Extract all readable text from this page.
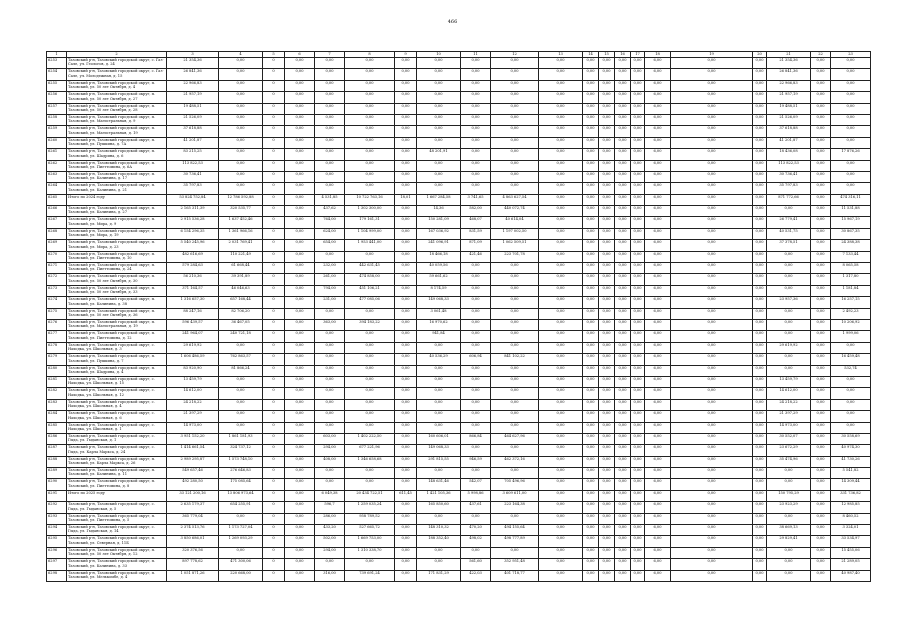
466
1	2	3	4	5	6	7	8	9	10	11	12	13	14	15	16	17	18	19	20	21	22	23
6253	Тазовский р-н, Тазовский городской округ, с. Газ-Сале, ул. Геологов, д. 24	21 354,36	0,00	0	0,00	0,00	0,00	0,00	0,00	0,00	0,00	0,00	0,00	0,00	0,00	0,00	6,00	0,00	0,00	21 354,36	0,00	0,00
6254	Тазовский р-н, Тазовский городской округ, с. Газ-Сале, ул. Молодежная, д. 15	26 841,36	0,00	0	0,00	0,00	0,00	0,00	0,00	0,00	0,00	0,00	0,00	0,00	0,00	0,00	6,00	0,00	0,00	26 841,36	0,00	0,00
6255	Тазовский р-н, Тазовский городской округ, п. Тазовский, ул. 50 лет Октября, д. 4	22 966,83	0,00	0	0,00	0,00	0,00	0,00	0,00	0,00	0,00	0,00	0,00	0,00	0,00	0,00	6,00	0,00	0,00	22 966,83	0,00	0,00
6256	Тазовский р-н, Тазовский городской округ, п. Тазовский, ул. 50 лет Октября, д. 27	21 957,19	0,00	0	0,00	0,00	0,00	0,00	0,00	0,00	0,00	0,00	0,00	0,00	0,00	0,00	6,00	0,00	0,00	21 957,19	0,00	0,00
6257	Тазовский р-н, Тазовский городской округ, п. Тазовский, ул. 50 лет Октября, д. 28	19 488,51	0,00	0	0,00	0,00	0,00	0,00	0,00	0,00	0,00	0,00	0,00	0,00	0,00	0,00	6,00	0,00	0,00	19 488,51	0,00	0,00
6258	Тазовский р-н, Тазовский городской округ, п. Тазовский, ул. Магистральная, д. 9	21 526,09	0,00	0	0,00	0,00	0,00	0,00	0,00	0,00	0,00	0,00	0,00	0,00	0,00	0,00	6,00	0,00	0,00	21 526,09	0,00	0,00
6259	Тазовский р-н, Тазовский городской округ, п. Тазовский, ул. Магистральная, д. 19	37 618,88	0,00	0	0,00	0,00	0,00	0,00	0,00	0,00	0,00	0,00	0,00	0,00	0,00	0,00	6,00	0,00	0,00	37 618,88	0,00	0,00
6260	Тазовский р-н, Тазовский городской округ, п. Тазовский, ул. Пушкина, д. 7А	41 201,87	0,00	0	0,00	0,00	0,00	0,00	0,00	0,00	0,00	0,00	0,00	0,00	0,00	0,00	6,00	0,00	0,00	41 201,87	0,00	0,00
6261	Тазовский р-н, Тазовский городской округ, п. Тазовский, ул. Шадрина, д. 6	83 215,25	0,00	0	0,00	0,00	0,00	0,00	48 201,91	0,00	0,00	0,00	0,00	0,00	0,00	0,00	6,00	0,00	0,00	18 436,08	0,00	17 876,26
6262	Тазовский р-н, Тазовский городской округ, п. Тазовский, ул. Пиеттомина, д. 6А	113 822,53	0,00	0	0,00	0,00	0,00	0,00	0,00	0,00	0,00	0,00	0,00	0,00	0,00	0,00	6,00	0,00	0,00	113 822,53	0,00	0,00
6263	Тазовский р-н, Тазовский городской округ, п. Тазовский, ул. Калинина, д. 17	30 736,41	0,00	0	0,00	0,00	0,00	0,00	0,00	0,00	0,00	0,00	0,00	0,00	0,00	0,00	6,00	0,00	0,00	30 736,41	0,00	0,00
6264	Тазовский р-н, Тазовский городской округ, п. Тазовский, ул. Калинина, д. 21	35 797,83	0,00	0	0,00	0,00	0,00	0,00	0,00	0,00	0,00	0,00	0,00	0,00	0,00	0,00	6,00	0,00	0,00	35 797,83	0,00	0,00
6265	Итого по 2024 году	53 824 752,84	12 786 592,88	0	0,00	4 531,85	10 722 763,16	18,01	1 667 284,58	3 741,65	4 863 627,54	0,00	0,00	0,00	0,00	0,00	6,00	0,00	0,00	871 772,66	0,00	474 316,11
6266	Тазовский р-н, Тазовский городской округ, п. Тазовский, ул. Калинина, д. 27	2 165 311,39	320 535,77	0	0,00	437,62	1 302 300,00	0,00	14,36	582,00	440 072,74	0,00	0,00	0,00	0,00	0,00	6,00	0,00	0,00	0,00	0,00	11 531,88
6267	Тазовский р-н, Тазовский городской округ, п. Тазовский, ул. Мира, д. 9	2 915 536,28	1 637 452,46	0	0,00	764,00	179 161,31	0,00	150 281,09	468,07	40 614,04	0,00	0,00	0,00	0,00	0,00	6,00	0,00	0,00	26 779,41	0,00	15 967,19
6268	Тазовский р-н, Тазовский городской округ, п. Тазовский, ул. Мира, д. 19	6 154 296,35	1 361 966,16	0	0,00	624,00	1 104 999,00	0,00	167 036,92	831,59	1 197 002,50	0,00	0,00	0,00	0,00	0,00	6,00	0,00	0,00	40 531,75	0,00	30 867,35
6269	Тазовский р-н, Тазовский городской округ, п. Тазовский, ул. Мира, д. 23	5 540 245,96	2 031 769,41	0	0,00	654,00	1 953 441,00	0,00	241 096,91	871,09	1 062 509,51	0,00	0,00	0,00	0,00	0,00	6,00	0,00	0,00	37 378,51	0,00	24 388,38
6270	Тазовский р-н, Тазовский городской округ, п. Тазовский, ул. Пиеттомина, д. 10	482 616,69	110 221,49	0	0,00	0,00	0,00	0,00	18 466,18	421,46	223 701,78	0,00	0,00	0,00	0,00	0,00	6,00	0,00	0,00	0,00	0,00	7 133,44
6271	Тазовский р-н, Тазовский городской округ, п. Тазовский, ул. Пиеттомина, д. 24	579 284,63	61 668,44	0	0,00	232,00	442 631,45	0,00	40 059,56	0,00	0,00	0,00	0,00	0,00	0,00	0,00	6,00	0,00	0,00	0,00	0,00	8 065,58
6272	Тазовский р-н, Тазовский городской округ, п. Тазовский, ул. 50 лет Октября, д. 30	56 210,36	39 391,89	0	0,00	261,00	474 858,00	0,00	59 661,62	0,00	0,00	0,00	0,00	0,00	0,00	0,00	6,00	0,00	0,00	0,00	0,00	1 317,80
6273	Тазовский р-н, Тазовский городской округ, п. Тазовский, ул. 50 лет Октября, д. 33	371 164,57	46 046,63	0	0,00	794,00	451 106,21	0,00	8 174,59	0,00	0,00	0,00	0,00	0,00	0,00	0,00	6,00	0,00	0,00	0,00	0,00	1 181,84
6274	Тазовский р-н, Тазовский городской округ, п. Тазовский, ул. Калинина, д. 38	1 316 657,30	657 168,44	0	0,00	231,00	477 085,06	0,00	149 068,33	0,00	0,00	0,00	0,00	0,00	0,00	0,00	6,00	0,00	0,00	23 957,36	0,00	16 257,15
6275	Тазовский р-н, Тазовский городской округ, п. Тазовский, ул. 50 лет Октября, д. 36	88 247,16	82 706,20	0	0,00	0,00	0,00	0,00	3 061,48	0,00	0,00	0,00	0,00	0,00	0,00	0,00	6,00	0,00	0,00	0,00	0,00	2 492,23
6276	Тазовский р-н, Тазовский городской округ, п. Тазовский, ул. Магистральная, д. 19	596 439,57	36 467,05	0	0,00	363,00	394 183,22	0,00	16 970,62	0,00	0,00	0,00	0,00	0,00	0,00	0,00	6,00	0,00	0,00	0,00	0,00	10 206,92
6277	Тазовский р-н, Тазовский городской округ, п. Тазовский, ул. Пиеттомина, д. 12	241 964,07	240 721,18	0	0,00	0,00	0,00	0,00	941,84	0,00	0,00	0,00	0,00	0,00	0,00	0,00	6,00	0,00	0,00	0,00	0,00	1 999,06
6278	Тазовский р-н, Тазовский городской округ, с. Находка, ул. Школьная, д. 3	29 619,92	0,00	0	0,00	0,00	0,00	0,00	0,00	0,00	0,00	0,00	0,00	0,00	0,00	0,00	6,00	0,00	0,00	29 619,92	0,00	0,00
6279	Тазовский р-н, Тазовский городской округ, п. Тазовский, ул. Пушкина, д. 7	1 606 486,59	762 863,57	0	0,00	0,00	0,00	0,00	40 536,29	606,94	841 102,22	0,00	0,00	0,00	0,00	0,00	6,00	0,00	0,00	0,00	0,00	16 459,48
6280	Тазовский р-н, Тазовский городской округ, п. Тазовский, ул. Шадрина, д. 4	83 920,90	81 866,24	0	0,00	0,00	0,00	0,00	0,00	0,00	0,00	0,00	0,00	0,00	0,00	0,00	6,00	0,00	0,00	0,00	0,00	532,74
6281	Тазовский р-н, Тазовский городской округ, с. Находка, ул. Школьная, д. 15	13 459,79	0,00	0	0,00	0,00	0,00	0,00	0,00	0,00	0,00	0,00	0,00	0,00	0,00	0,00	6,00	0,00	0,00	13 459,79	0,00	0,00
6282	Тазовский р-н, Тазовский городской округ, с. Находка, ул. Школьная, д. 12	14 612,00	0,00	0	0,00	0,00	0,00	0,00	0,00	0,00	0,00	0,00	0,00	0,00	0,00	0,00	6,00	0,00	0,00	14 612,00	0,00	0,00
6283	Тазовский р-н, Тазовский городской округ, с. Находка, ул. Школьная, д. 4	24 218,22	0,00	0	0,00	0,00	0,00	0,00	0,00	0,00	0,00	0,00	0,00	0,00	0,00	0,00	6,00	0,00	0,00	24 218,22	0,00	0,00
6284	Тазовский р-н, Тазовский городской округ, с. Находка, ул. Школьная, д. 6	21 397,29	0,00	0	0,00	0,00	0,00	0,00	0,00	0,00	0,00	0,00	0,00	0,00	0,00	0,00	6,00	0,00	0,00	21 397,29	0,00	0,00
6285	Тазовский р-н, Тазовский городской округ, с. Находка, ул. Школьная, д. 1	14 973,00	0,00	0	0,00	0,00	0,00	0,00	0,00	0,00	0,00	0,00	0,00	0,00	0,00	0,00	6,00	0,00	0,00	14 973,00	0,00	0,00
6286	Тазовский р-н, Тазовский городской округ, с. Гыда, ул. Гыданская, д. 1	3 951 152,20	1 861 181,93	0	0,00	603,00	1 402 222,50	0,00	160 606,01	866,84	464 627,96	0,00	0,00	0,00	0,00	0,00	6,00	0,00	0,00	30 552,07	0,00	30 558,69
6287	Тазовский р-н, Тазовский городской округ, с. Гыда, ул. Карла Маркса, д. 24	1 414 661,54	324 737,12	0	0,00	294,00	677 221,96	0,00	149 068,33	0,00	0,00	0,00	0,00	0,00	0,00	0,00	6,00	0,00	0,00	23 672,29	0,00	40 974,30
6288	Тазовский р-н, Тазовский городской округ, п. Тазовский, ул. Карла Маркса, д. 26	2 989 295,87	1 573 748,10	0	0,00	408,00	1 346 658,68	0,00	291 815,55	946,59	462 372,16	0,00	0,00	0,00	0,00	0,00	6,00	0,00	0,00	35 474,96	0,00	41 730,26
6289	Тазовский р-н, Тазовский городской округ, п. Тазовский, ул. Калинина, д. 11	549 657,46	276 646,83	0	0,00	0,00	0,00	0,00	0,00	0,00	0,00	0,00	0,00	0,00	0,00	0,00	6,00	0,00	0,00	0,00	0,00	5 541,82
6290	Тазовский р-н, Тазовский городской округ, п. Тазовский, ул. Пиеттомина, д. 8	492 280,50	175 085,64	0	0,00	0,00	0,00	0,00	148 631,46	542,07	705 496,96	0,00	0,00	0,00	0,00	0,00	6,00	0,00	0,00	0,00	0,00	14 309,44
6291	Итого по 2025 году	33 121 200,16	13 806 973,64	0	0,00	6 049,38	20 434 722,51	611,45	1 421 105,36	5 998,86	3 609 611,00	0,00	0,00	0,00	0,00	0,00	6,00	0,00	0,00	150 795,29	0,00	331 736,82
6292	Тазовский р-н, Тазовский городской округ, с. Гыда, ул. Гыданская, д. 5	2 635 179,37	654 255,91	0	0,00	596,7	1 259 035,24	0,00	165 850,60	437,61	223 164,38	0,00	0,00	0,00	0,00	0,00	6,00	0,00	0,00	23 923,29	0,00	12 985,85
6293	Тазовский р-н, Тазовский городской округ, п. Тазовский, ул. Пиеттомина, д. 5	365 779,04	0,00	0	0,00	286,00	958 789,52	0,00	0,00	0,00	0,00	0,00	0,00	0,00	0,00	0,00	6,00	0,00	0,00	0,00	0,00	8 460,52
6294	Тазовский р-н, Тазовский городской округ, с. Гыда, ул. Гыданская, д. 14	2 374 513,76	1 173 727,04	0	0,00	433,20	527 665,72	0,00	148 310,32	470,20	494 155,64	0,00	0,00	0,00	0,00	0,00	6,00	0,00	0,00	38 669,13	0,00	3 324,01
6295	Тазовский р-н, Тазовский городской округ, п. Тазовский, ул. Северная, д. 11Б	3 850 686,01	1 269 093,29	0	0,00	502,00	1 669 753,00	0,00	188 352,40	498,02	498 777,89	0,00	0,00	0,00	0,00	0,00	6,00	0,00	0,00	29 829,41	0,00	33 534,97
6296	Тазовский р-н, Тазовский городской округ, п. Тазовский, ул. 50 лет Октября, д. 12	320 376,56	0,00	0	0,00	294,00	1 310 338,70	0,00	0,00	0,00	0,00	0,00	0,00	0,00	0,00	0,00	6,00	0,00	0,00	0,00	0,00	15 455,06
6297	Тазовский р-н, Тазовский городской округ, п. Тазовский, ул. Калинина, д. 33	897 778,62	471 300,06	0	0,00	0,00	0,00	0,00	0,00	561,60	352 951,48	0,00	0,00	0,00	0,00	0,00	6,00	0,00	0,00	0,00	0,00	21 289,05
6298	Тазовский р-н, Тазовский городской округ, п. Тазовский, ул. Мелькомбе, д. 4	1 051 871,26	220 668,00	0	0,00	316,00	739 691,24	0,00	171 831,29	422,03	401 718,77	0,00	0,00	0,00	0,00	0,00	6,00	0,00	0,00	0,00	0,00	40 987,40
